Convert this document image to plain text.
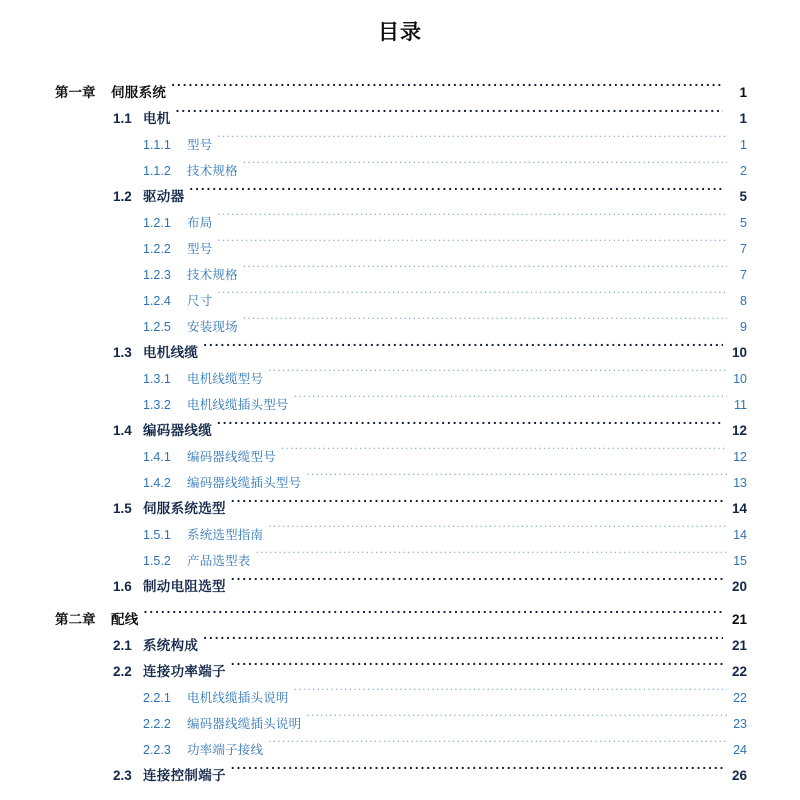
目录
第一章	伺服系统 .....	1
1.1 电机 .....	1
1.1.1	型号 .....	1
1.1.2	技术规格 .....	2
1.2 驱动器 .....	5
1.2.1	布局 .....	5
1.2.2	型号 .....	7
1.2.3	技术规格 .....	7
1.2.4	尺寸 .....	8
1.2.5	安装现场 .....	9
1.3 电机线缆 .....	10
1.3.1	电机线缆型号 .....	10
1.3.2	电机线缆插头型号 .....	11
1.4 编码器线缆 .....	12
1.4.1	编码器线缆型号 .....	12
1.4.2	编码器线缆插头型号 .....	13
1.5 伺服系统选型 .....	14
1.5.1	系统选型指南 .....	14
1.5.2	产品选型表 .....	15
1.6 制动电阻选型 .....	20
第二章	配线 .....	21
2.1 系统构成 .....	21
2.2 连接功率端子 .....	22
2.2.1	电机线缆插头说明 .....	22
2.2.2	编码器线缆插头说明 .....	23
2.2.3	功率端子接线 .....	24
2.3 连接控制端子 .....	26
